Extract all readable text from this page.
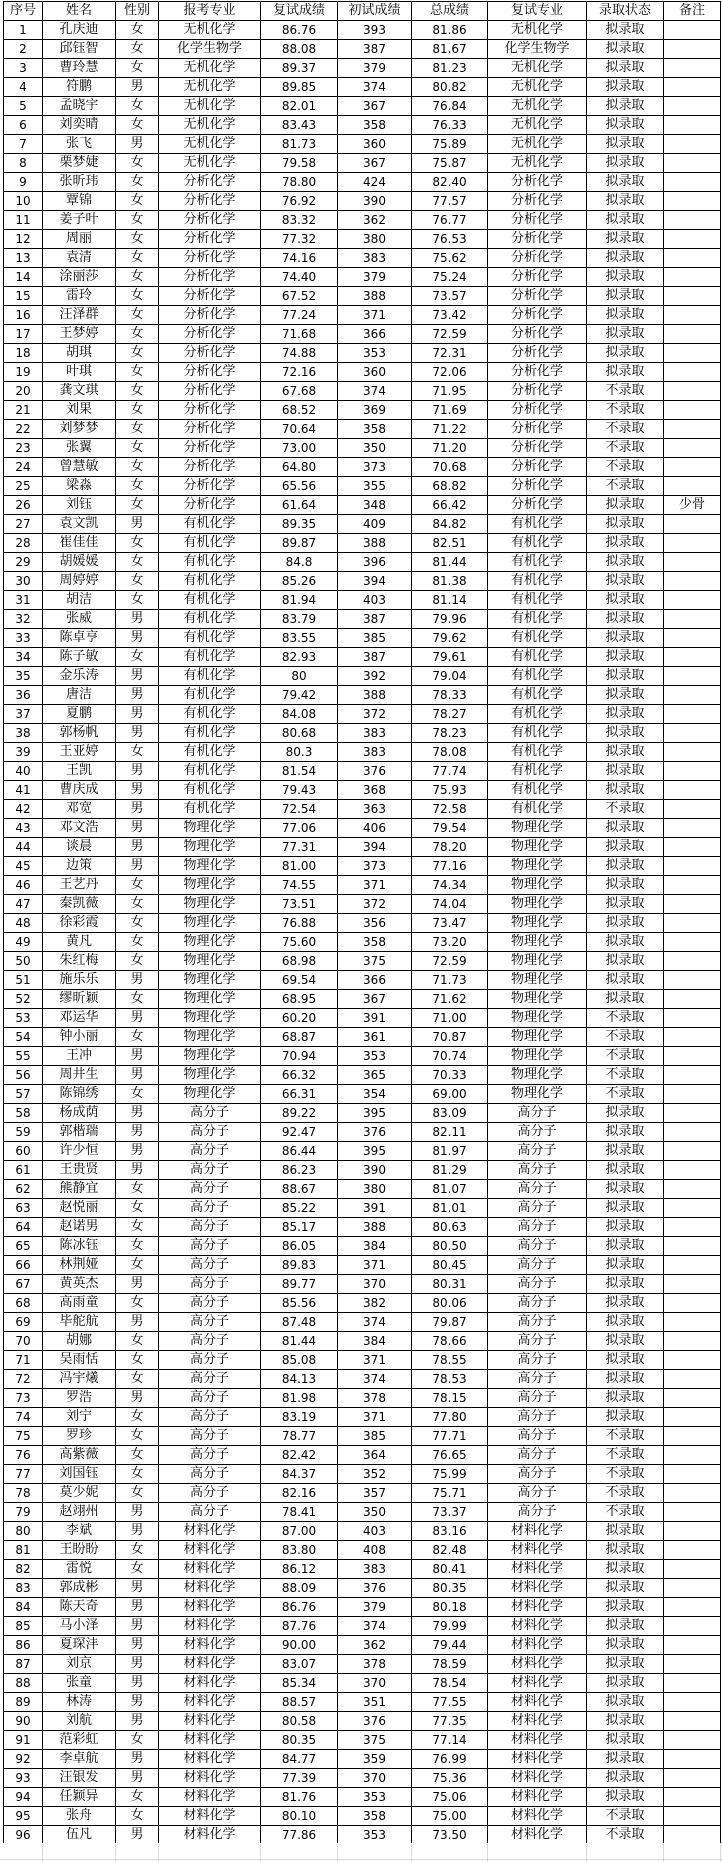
序号	姓名	性别	报考专业	复试成绩	初试成绩	总成绩	复试专业	录取状态	备注
1	孔庆迪	女	无机化学	86.76	393	81.86	无机化学	拟录取	
2	邱钰智	女	化学生物学	88.08	387	81.67	化学生物学	拟录取	
3	曹玲慧	女	无机化学	89.37	379	81.23	无机化学	拟录取	
4	符鹏	男	无机化学	89.85	374	80.82	无机化学	拟录取	
5	孟晓宇	女	无机化学	82.01	367	76.84	无机化学	拟录取	
6	刘奕晴	女	无机化学	83.43	358	76.33	无机化学	拟录取	
7	张飞	男	无机化学	81.73	360	75.89	无机化学	拟录取	
8	栗梦婕	女	无机化学	79.58	367	75.87	无机化学	拟录取	
9	张昕玮	女	分析化学	78.80	424	82.40	分析化学	拟录取	
10	覃锦	女	分析化学	76.92	390	77.57	分析化学	拟录取	
11	姜子叶	女	分析化学	83.32	362	76.77	分析化学	拟录取	
12	周丽	女	分析化学	77.32	380	76.53	分析化学	拟录取	
13	袁清	女	分析化学	74.16	383	75.62	分析化学	拟录取	
14	涂丽莎	女	分析化学	74.40	379	75.24	分析化学	拟录取	
15	雷玲	女	分析化学	67.52	388	73.57	分析化学	拟录取	
16	汪泽群	女	分析化学	77.24	371	73.42	分析化学	拟录取	
17	王梦婷	女	分析化学	71.68	366	72.59	分析化学	拟录取	
18	胡琪	女	分析化学	74.88	353	72.31	分析化学	拟录取	
19	叶琪	女	分析化学	72.16	360	72.06	分析化学	拟录取	
20	龚文琪	女	分析化学	67.68	374	71.95	分析化学	不录取	
21	刘果	女	分析化学	68.52	369	71.69	分析化学	不录取	
22	刘梦梦	女	分析化学	70.64	358	71.22	分析化学	不录取	
23	张翼	女	分析化学	73.00	350	71.20	分析化学	不录取	
24	曾慧敏	女	分析化学	64.80	373	70.68	分析化学	不录取	
25	梁淼	女	分析化学	65.56	355	68.82	分析化学	不录取	
26	刘钰	女	分析化学	61.64	348	66.42	分析化学	拟录取	少骨
27	袁文凯	男	有机化学	89.35	409	84.82	有机化学	拟录取	
28	崔佳佳	女	有机化学	89.87	388	82.51	有机化学	拟录取	
29	胡媛媛	女	有机化学	84.8	396	81.44	有机化学	拟录取	
30	周婷婷	女	有机化学	85.26	394	81.38	有机化学	拟录取	
31	胡洁	女	有机化学	81.94	403	81.14	有机化学	拟录取	
32	张威	男	有机化学	83.79	387	79.96	有机化学	拟录取	
33	陈卓亨	男	有机化学	83.55	385	79.62	有机化学	拟录取	
34	陈子敏	女	有机化学	82.93	387	79.61	有机化学	拟录取	
35	金乐涛	男	有机化学	80	392	79.04	有机化学	拟录取	
36	唐洁	男	有机化学	79.42	388	78.33	有机化学	拟录取	
37	夏鹏	男	有机化学	84.08	372	78.27	有机化学	拟录取	
38	郭杨帆	男	有机化学	80.68	383	78.23	有机化学	拟录取	
39	王亚婷	女	有机化学	80.3	383	78.08	有机化学	拟录取	
40	王凯	男	有机化学	81.54	376	77.74	有机化学	拟录取	
41	曹庆成	男	有机化学	79.43	368	75.93	有机化学	拟录取	
42	邓宽	男	有机化学	72.54	363	72.58	有机化学	不录取	
43	邓文浩	男	物理化学	77.06	406	79.54	物理化学	拟录取	
44	谈晨	男	物理化学	77.31	394	78.20	物理化学	拟录取	
45	边策	男	物理化学	81.00	373	77.16	物理化学	拟录取	
46	王艺丹	女	物理化学	74.55	371	74.34	物理化学	拟录取	
47	秦凯薇	女	物理化学	73.51	372	74.04	物理化学	拟录取	
48	徐彩霞	女	物理化学	76.88	356	73.47	物理化学	拟录取	
49	黄凡	女	物理化学	75.60	358	73.20	物理化学	拟录取	
50	朱红梅	女	物理化学	68.98	375	72.59	物理化学	拟录取	
51	施乐乐	男	物理化学	69.54	366	71.73	物理化学	拟录取	
52	缪昕颖	女	物理化学	68.95	367	71.62	物理化学	拟录取	
53	邓运华	男	物理化学	60.20	391	71.00	物理化学	不录取	
54	钟小丽	女	物理化学	68.87	361	70.87	物理化学	不录取	
55	王冲	男	物理化学	70.94	353	70.74	物理化学	不录取	
56	周井生	男	物理化学	66.32	365	70.33	物理化学	不录取	
57	陈锦绣	女	物理化学	66.31	354	69.00	物理化学	不录取	
58	杨成荫	男	高分子	89.22	395	83.09	高分子	拟录取	
59	郭楷瑞	男	高分子	92.47	376	82.11	高分子	拟录取	
60	许少恒	男	高分子	86.44	395	81.97	高分子	拟录取	
61	王贵贤	男	高分子	86.23	390	81.29	高分子	拟录取	
62	熊静宜	女	高分子	88.67	380	81.07	高分子	拟录取	
63	赵悦丽	女	高分子	85.22	391	81.01	高分子	拟录取	
64	赵诺男	女	高分子	85.17	388	80.63	高分子	拟录取	
65	陈冰钰	女	高分子	86.05	384	80.50	高分子	拟录取	
66	林荆娅	女	高分子	89.83	371	80.45	高分子	拟录取	
67	黄英杰	男	高分子	89.77	370	80.31	高分子	拟录取	
68	高雨童	女	高分子	85.56	382	80.06	高分子	拟录取	
69	毕舵航	男	高分子	87.48	374	79.87	高分子	拟录取	
70	胡娜	女	高分子	81.44	384	78.66	高分子	拟录取	
71	吴雨恬	女	高分子	85.08	371	78.55	高分子	拟录取	
72	冯宇爔	女	高分子	84.13	374	78.53	高分子	拟录取	
73	罗浩	男	高分子	81.98	378	78.15	高分子	拟录取	
74	刘宁	女	高分子	83.19	371	77.80	高分子	拟录取	
75	罗珍	女	高分子	78.77	385	77.71	高分子	不录取	
76	高紫薇	女	高分子	82.42	364	76.65	高分子	不录取	
77	刘国钰	女	高分子	84.37	352	75.99	高分子	不录取	
78	莫少妮	女	高分子	82.16	357	75.71	高分子	不录取	
79	赵翊州	男	高分子	78.41	350	73.37	高分子	不录取	
80	李斌	男	材料化学	87.00	403	83.16	材料化学	拟录取	
81	王盼盼	女	材料化学	83.80	408	82.48	材料化学	拟录取	
82	雷悦	女	材料化学	86.12	383	80.41	材料化学	拟录取	
83	郭成彬	男	材料化学	88.09	376	80.35	材料化学	拟录取	
84	陈天奇	男	材料化学	86.76	379	80.18	材料化学	拟录取	
85	马小泽	男	材料化学	87.76	374	79.99	材料化学	拟录取	
86	夏琛沣	男	材料化学	90.00	362	79.44	材料化学	拟录取	
87	刘京	男	材料化学	83.07	378	78.59	材料化学	拟录取	
88	张童	男	材料化学	85.34	370	78.54	材料化学	拟录取	
89	林涛	男	材料化学	88.57	351	77.55	材料化学	拟录取	
90	刘航	男	材料化学	80.58	376	77.35	材料化学	拟录取	
91	范彩虹	女	材料化学	80.35	375	77.14	材料化学	拟录取	
92	李卓航	男	材料化学	84.77	359	76.99	材料化学	拟录取	
93	汪银发	男	材料化学	77.39	370	75.36	材料化学	拟录取	
94	任颖异	女	材料化学	81.76	353	75.06	材料化学	拟录取	
95	张舟	女	材料化学	80.10	358	75.00	材料化学	不录取	
96	伍凡	男	材料化学	77.86	353	73.50	材料化学	不录取	
